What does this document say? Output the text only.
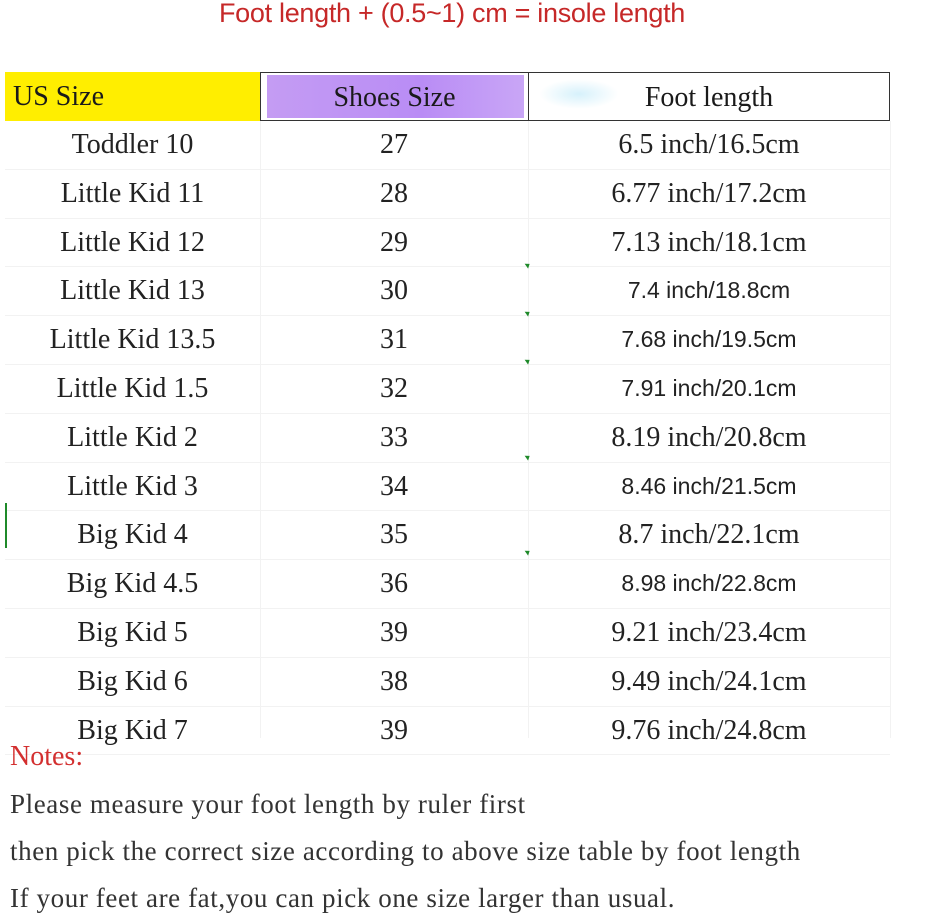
Foot length + (0.5~1) cm = insole length
US Size	Shoes Size	Foot length
Toddler 10	27	6.5 inch/16.5cm
Little Kid 11	28	6.77 inch/17.2cm
Little Kid 12	29	7.13 inch/18.1cm
Little Kid 13	30	7.4 inch/18.8cm
Little Kid 13.5	31	7.68 inch/19.5cm
Little Kid 1.5	32	7.91 inch/20.1cm
Little Kid 2	33	8.19 inch/20.8cm
Little Kid 3	34	8.46 inch/21.5cm
Big Kid 4	35	8.7 inch/22.1cm
Big Kid 4.5	36	8.98 inch/22.8cm
Big Kid 5	39	9.21 inch/23.4cm
Big Kid 6	38	9.49 inch/24.1cm
Big Kid 7	39	9.76 inch/24.8cm
Notes:
Please measure your foot length by ruler first
then pick the correct size according to above size table by foot length
If your feet are fat,you can pick one size larger than usual.
